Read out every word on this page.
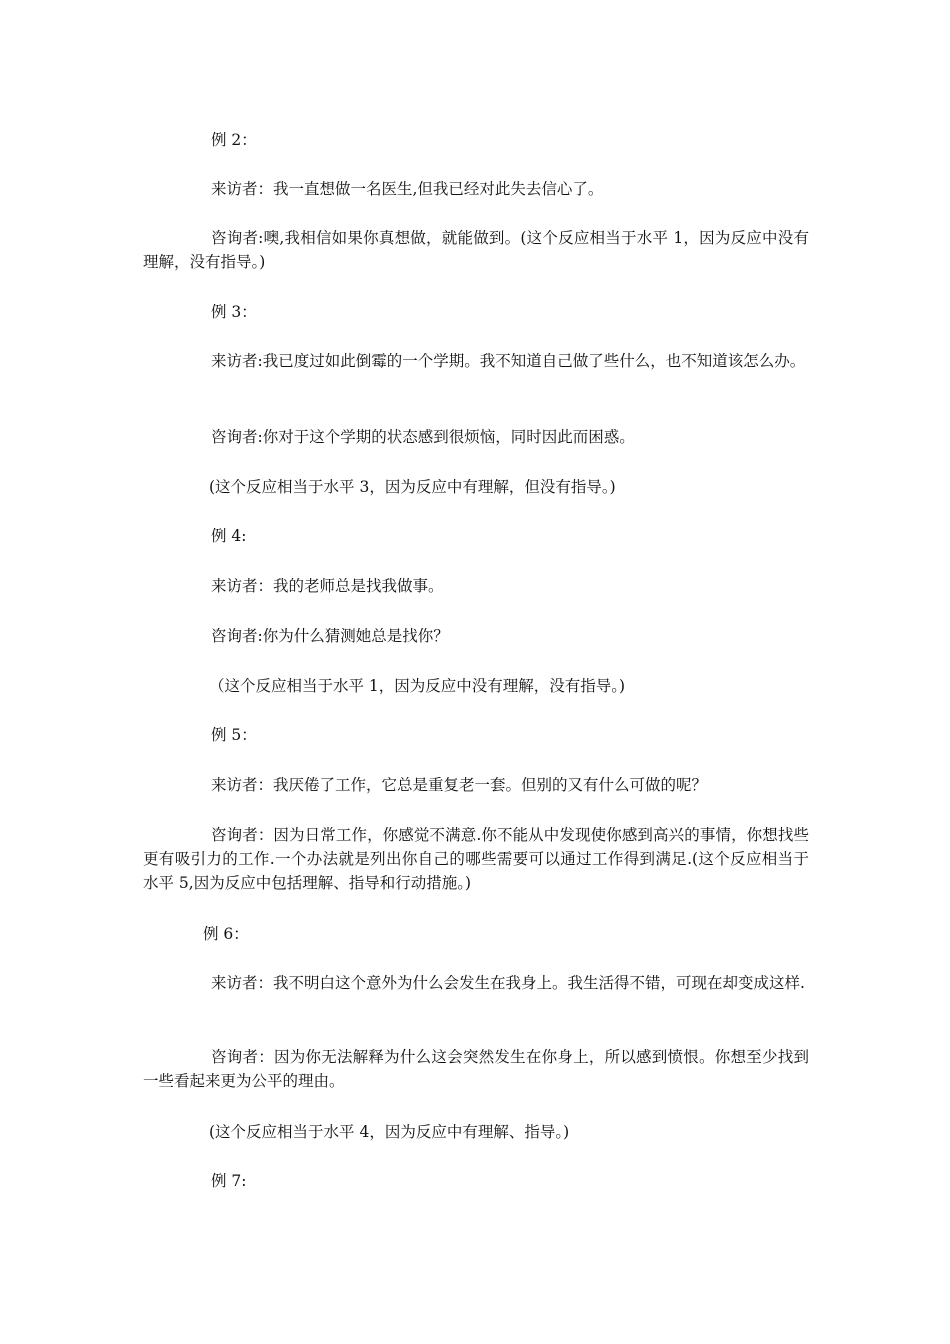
例 2：

来访者：我一直想做一名医生,但我已经对此失去信心了。

咨询者:噢,我相信如果你真想做，就能做到。(这个反应相当于水平 1，因为反应中没有理解，没有指导。)

例 3：

来访者:我已度过如此倒霉的一个学期。我不知道自己做了些什么，也不知道该怎么办。

咨询者:你对于这个学期的状态感到很烦恼，同时因此而困惑。

(这个反应相当于水平 3，因为反应中有理解，但没有指导。)

例 4:

来访者：我的老师总是找我做事。

咨询者:你为什么猜测她总是找你？

（这个反应相当于水平 1，因为反应中没有理解，没有指导。)

例 5：

来访者：我厌倦了工作，它总是重复老一套。但别的又有什么可做的呢？

咨询者：因为日常工作，你感觉不满意.你不能从中发现使你感到高兴的事情，你想找些更有吸引力的工作.一个办法就是列出你自己的哪些需要可以通过工作得到满足.(这个反应相当于水平 5,因为反应中包括理解、指导和行动措施。)

例 6：

来访者：我不明白这个意外为什么会发生在我身上。我生活得不错，可现在却变成这样.

咨询者：因为你无法解释为什么这会突然发生在你身上，所以感到愤恨。你想至少找到一些看起来更为公平的理由。

(这个反应相当于水平 4，因为反应中有理解、指导。)

例 7:
